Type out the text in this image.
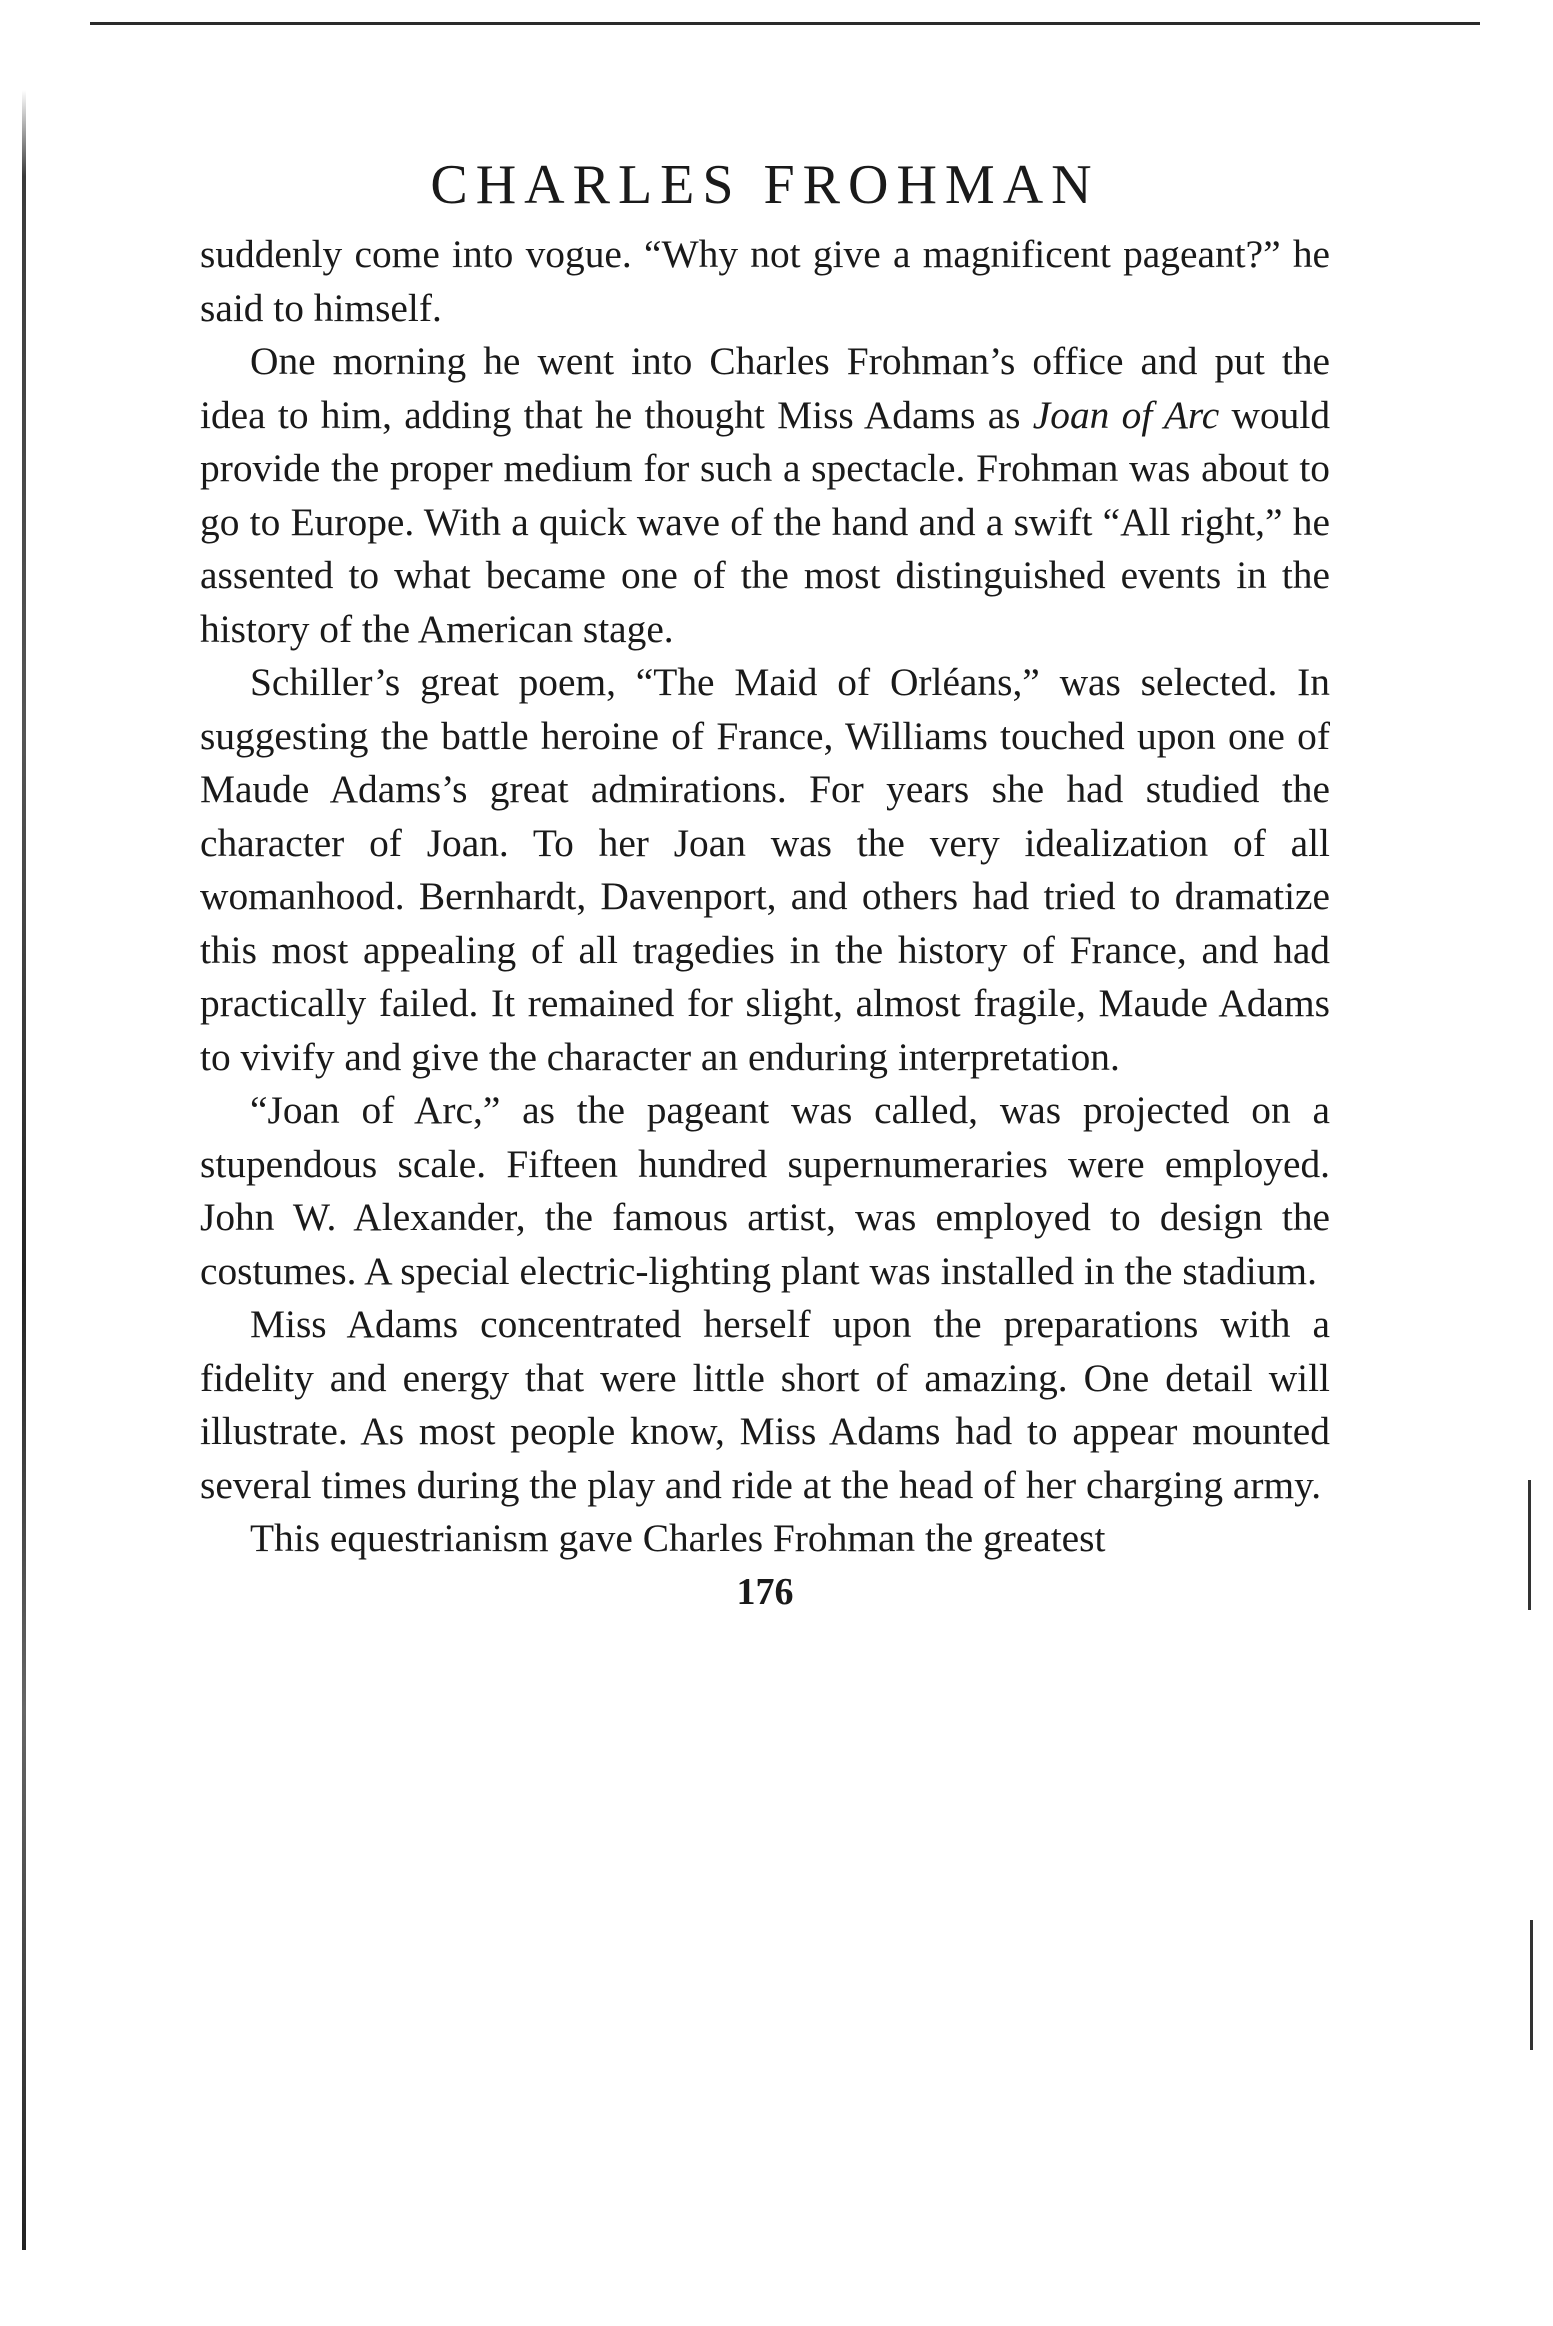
CHARLES FROHMAN

suddenly come into vogue. “Why not give a magnificent pageant?” he said to himself.

One morning he went into Charles Frohman’s office and put the idea to him, adding that he thought Miss Adams as Joan of Arc would provide the proper medium for such a spectacle. Frohman was about to go to Europe. With a quick wave of the hand and a swift “All right,” he assented to what became one of the most distinguished events in the history of the American stage.

Schiller’s great poem, “The Maid of Orléans,” was selected. In suggesting the battle heroine of France, Williams touched upon one of Maude Adams’s great admirations. For years she had studied the character of Joan. To her Joan was the very idealization of all womanhood. Bernhardt, Davenport, and others had tried to dramatize this most appealing of all tragedies in the history of France, and had practically failed. It remained for slight, almost fragile, Maude Adams to vivify and give the character an enduring interpretation.

“Joan of Arc,” as the pageant was called, was projected on a stupendous scale. Fifteen hundred supernumeraries were employed. John W. Alexander, the famous artist, was employed to design the costumes. A special electric-lighting plant was installed in the stadium.

Miss Adams concentrated herself upon the preparations with a fidelity and energy that were little short of amazing. One detail will illustrate. As most people know, Miss Adams had to appear mounted several times during the play and ride at the head of her charging army.

This equestrianism gave Charles Frohman the greatest

176
